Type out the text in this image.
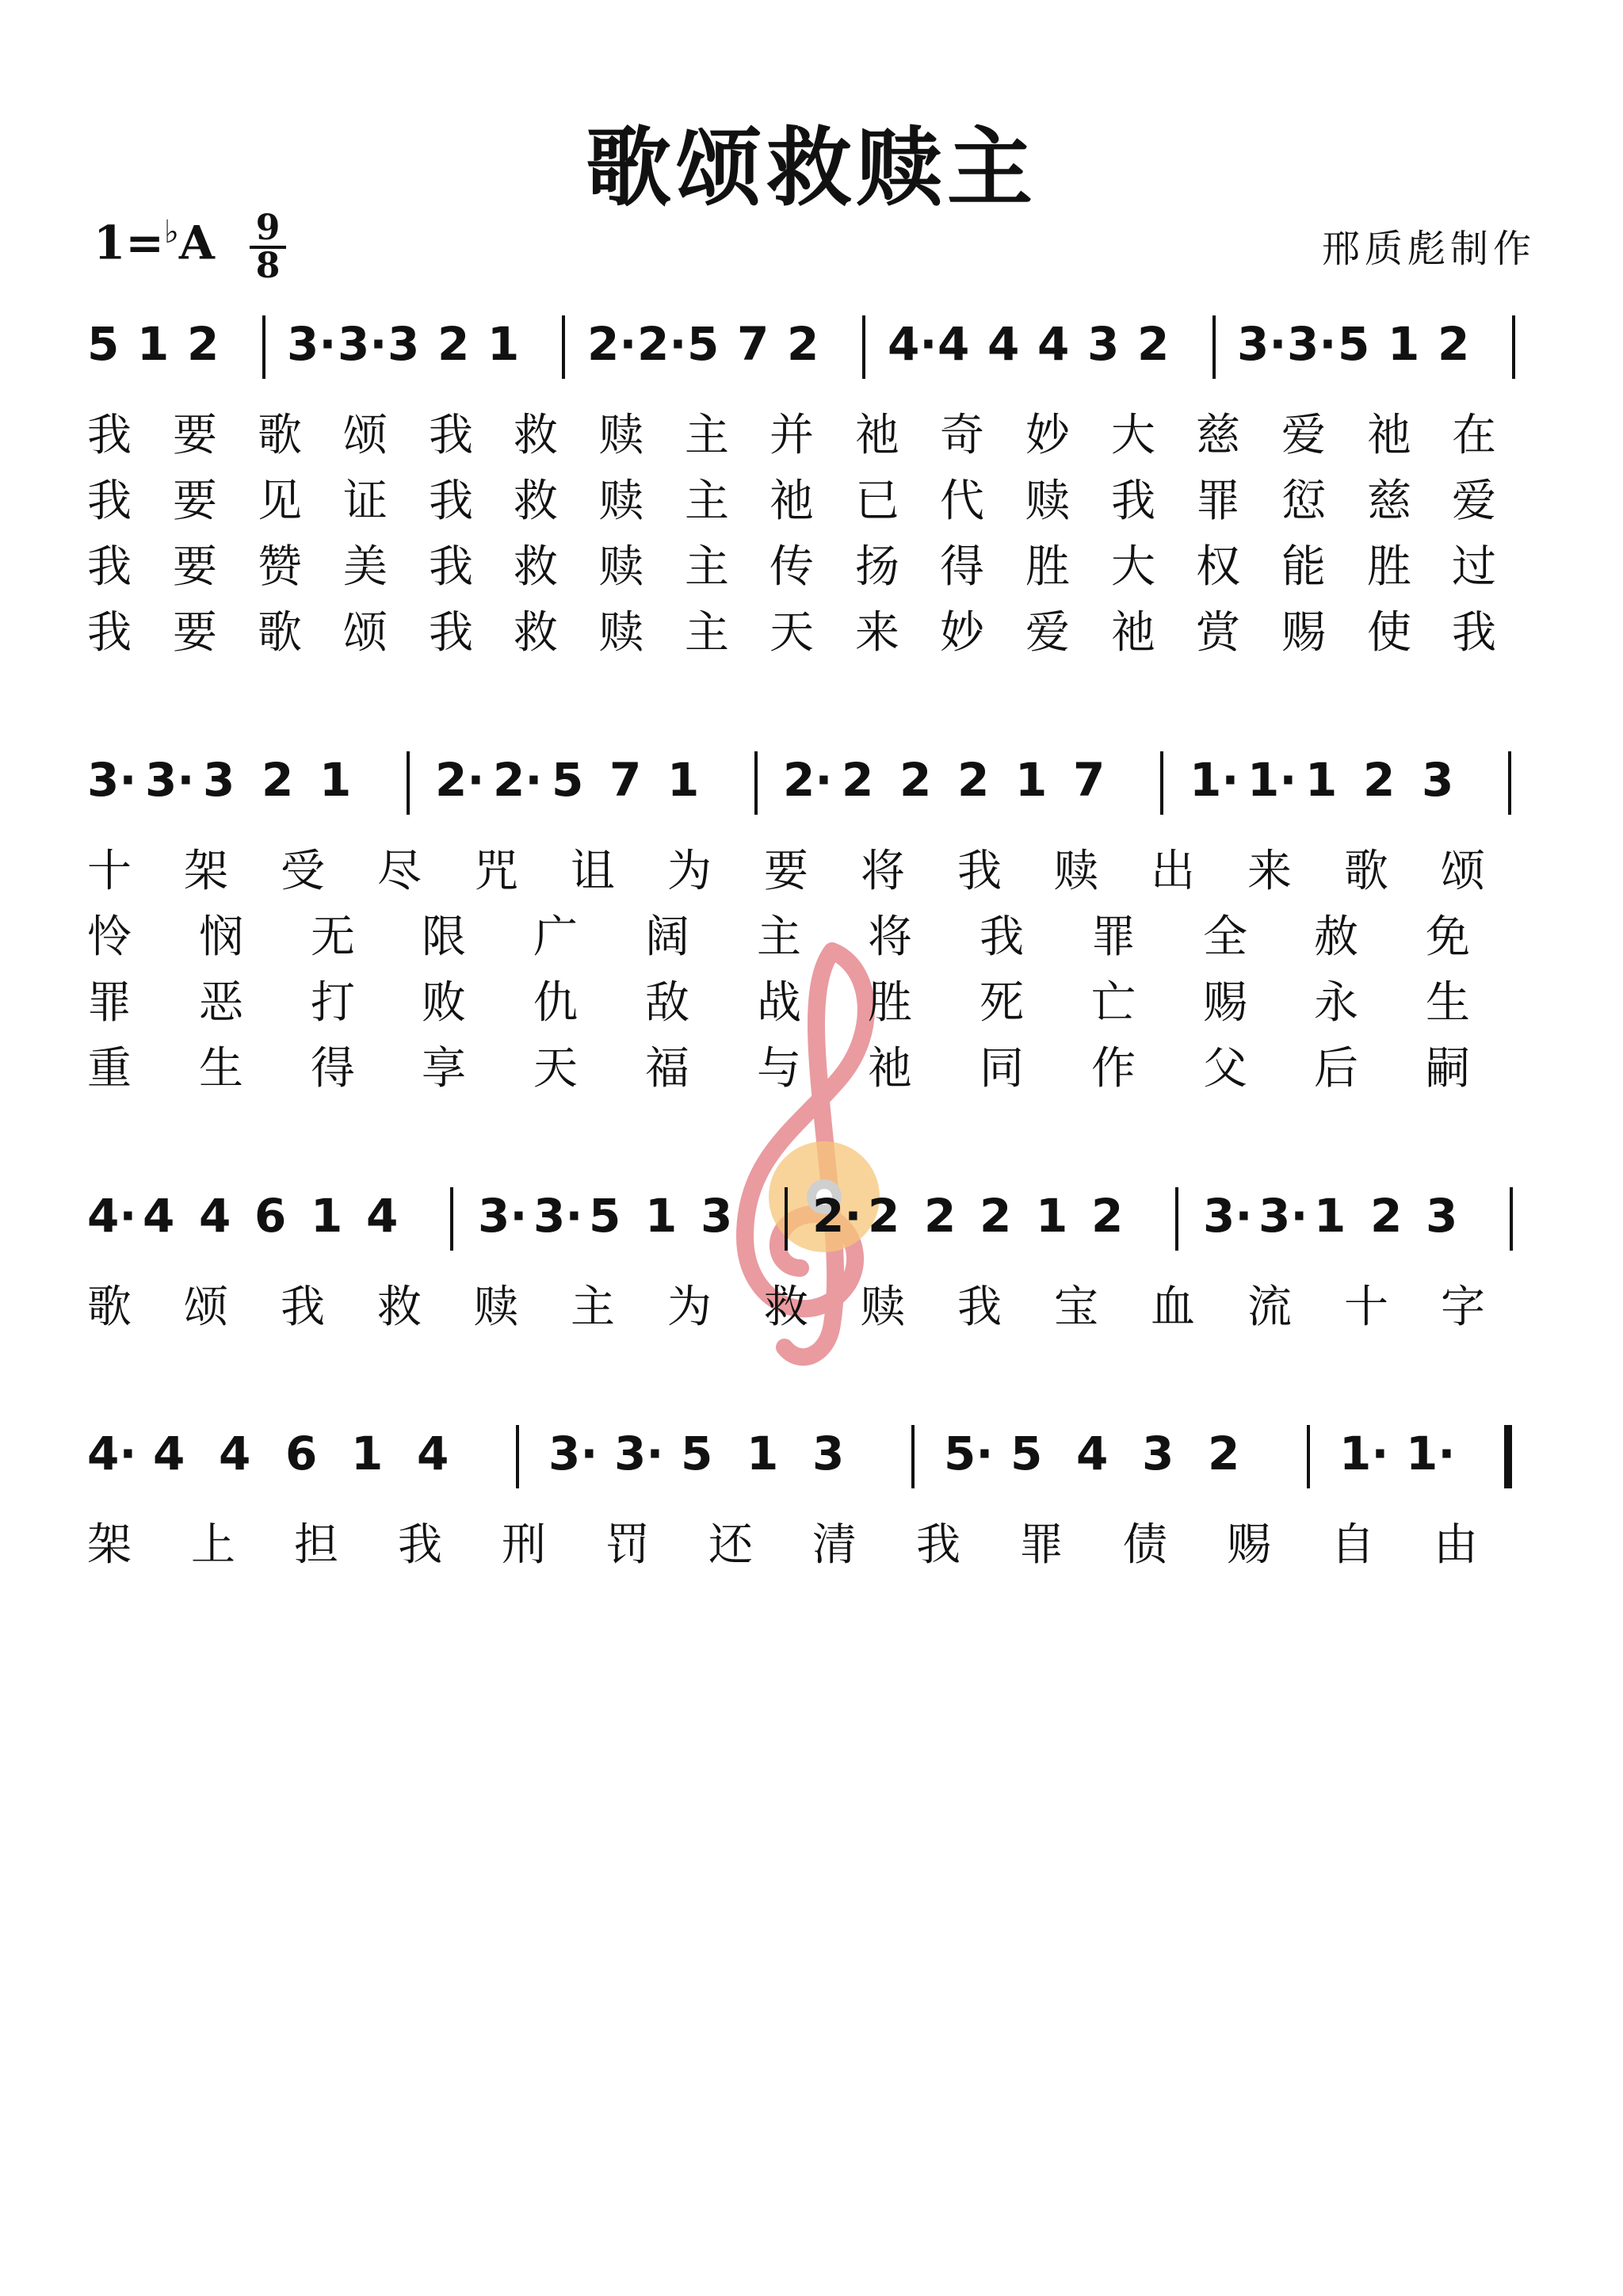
歌颂救赎主
1=♭A 9
8	邢质彪制作
5 1 2 3· 3· 3 2 1 2· 2· 5 7 2 4· 4 4 4 3 2 3· 3· 5 1 2
我 要 歌 颂 我 救 赎 主 并 祂 奇 妙 大 慈 爱 祂 在
我 要 见 证 我 救 赎 主 祂 已 代 赎 我 罪 愆 慈 爱
我 要 赞 美 我 救 赎 主 传 扬 得 胜 大 权 能 胜 过
我 要 歌 颂 我 救 赎 主 天 来 妙 爱 祂 赏 赐 使 我
3· 3· 3 2 1 2· 2· 5 7 1 2· 2 2 2 1 7 1· 1· 1 2 3
十 架 受 尽 咒 诅 为 要 将 我 赎 出 来 歌 颂
怜 悯 无 限 广 阔 主 将 我 罪 全 赦 免
罪 恶 打 败 仇 敌 战 胜 死 亡 赐 永 生
重 生 得 享 天 福 与 祂 同 作 父 后 嗣
4· 4 4 6 1 4 3· 3· 5 1 3 2· 2 2 2 1 2 3· 3· 1 2 3
歌 颂 我 救 赎 主 为 救 赎 我 宝 血 流 十 字
4· 4 4 6 1 4 3· 3· 5 1 3 5· 5 4 3 2 1· 1·
架 上 担 我 刑 罚 还 清 我 罪 债 赐 自 由
